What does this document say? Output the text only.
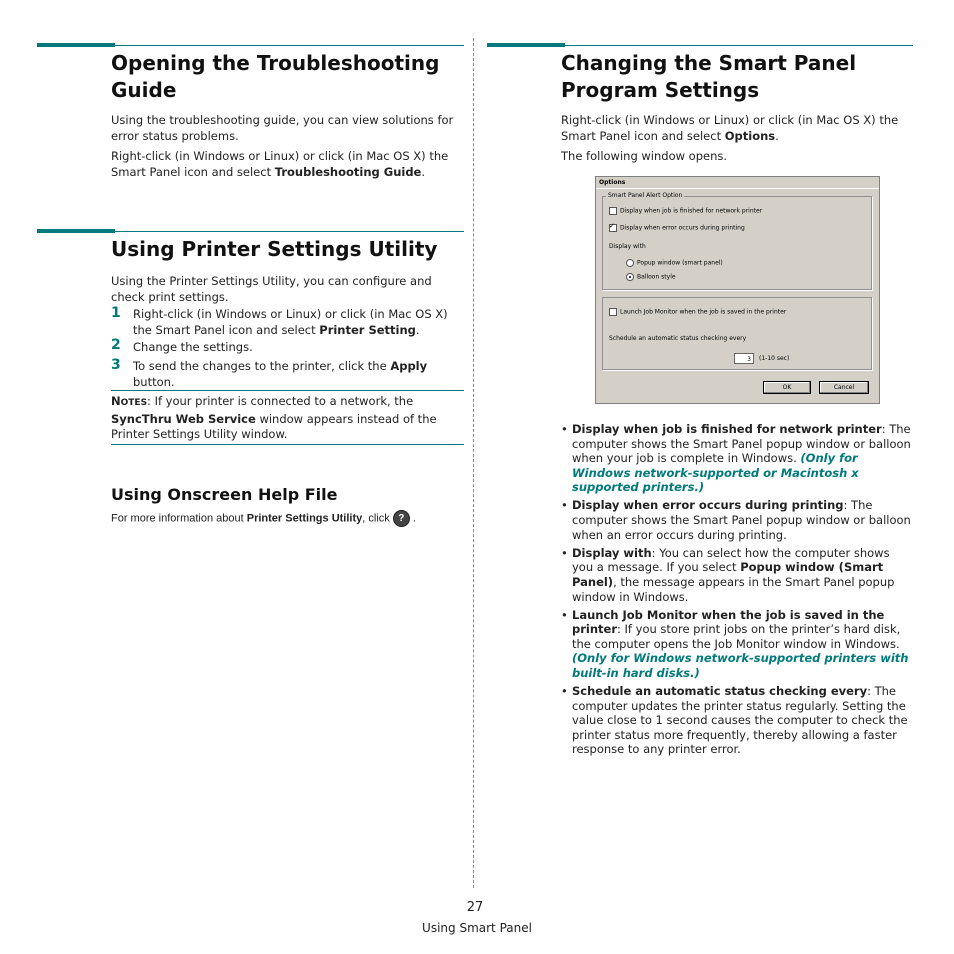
Opening the Troubleshooting
Guide

Using the troubleshooting guide, you can view solutions for error status problems.

Right-click (in Windows or Linux) or click (in Mac OS X) the Smart Panel icon and select Troubleshooting Guide.

Using Printer Settings Utility

Using the Printer Settings Utility, you can configure and check print settings.

1 Right-click (in Windows or Linux) or click (in Mac OS X) the Smart Panel icon and select Printer Setting.

2 Change the settings.

3 To send the changes to the printer, click the Apply button.

NOTES: If your printer is connected to a network, the SyncThru Web Service window appears instead of the Printer Settings Utility window.

Using Onscreen Help File

For more information about Printer Settings Utility, click ? .

Changing the Smart Panel
Program Settings

Right-click (in Windows or Linux) or click (in Mac OS X) the Smart Panel icon and select Options.

The following window opens.

Options
Smart Panel Alert Option
Display when job is finished for network printer
✓Display when error occurs during printing
Display with
Popup window (smart panel)
Balloon style
Launch Job Monitor when the job is saved in the printer
Schedule an automatic status checking every
3	(1-10 sec)
OK	Cancel
• Display when job is finished for network printer: The computer shows the Smart Panel popup window or balloon when your job is complete in Windows. (Only for Windows network-supported or Macintosh x supported printers.)
• Display when error occurs during printing: The computer shows the Smart Panel popup window or balloon when an error occurs during printing.
• Display with: You can select how the computer shows you a message. If you select Popup window (Smart Panel), the message appears in the Smart Panel popup window in Windows.
• Launch Job Monitor when the job is saved in the printer: If you store print jobs on the printer’s hard disk, the computer opens the Job Monitor window in Windows. (Only for Windows network-supported printers with built-in hard disks.)
• Schedule an automatic status checking every: The computer updates the printer status regularly. Setting the value close to 1 second causes the computer to check the printer status more frequently, thereby allowing a faster response to any printer error.
27
Using Smart Panel
